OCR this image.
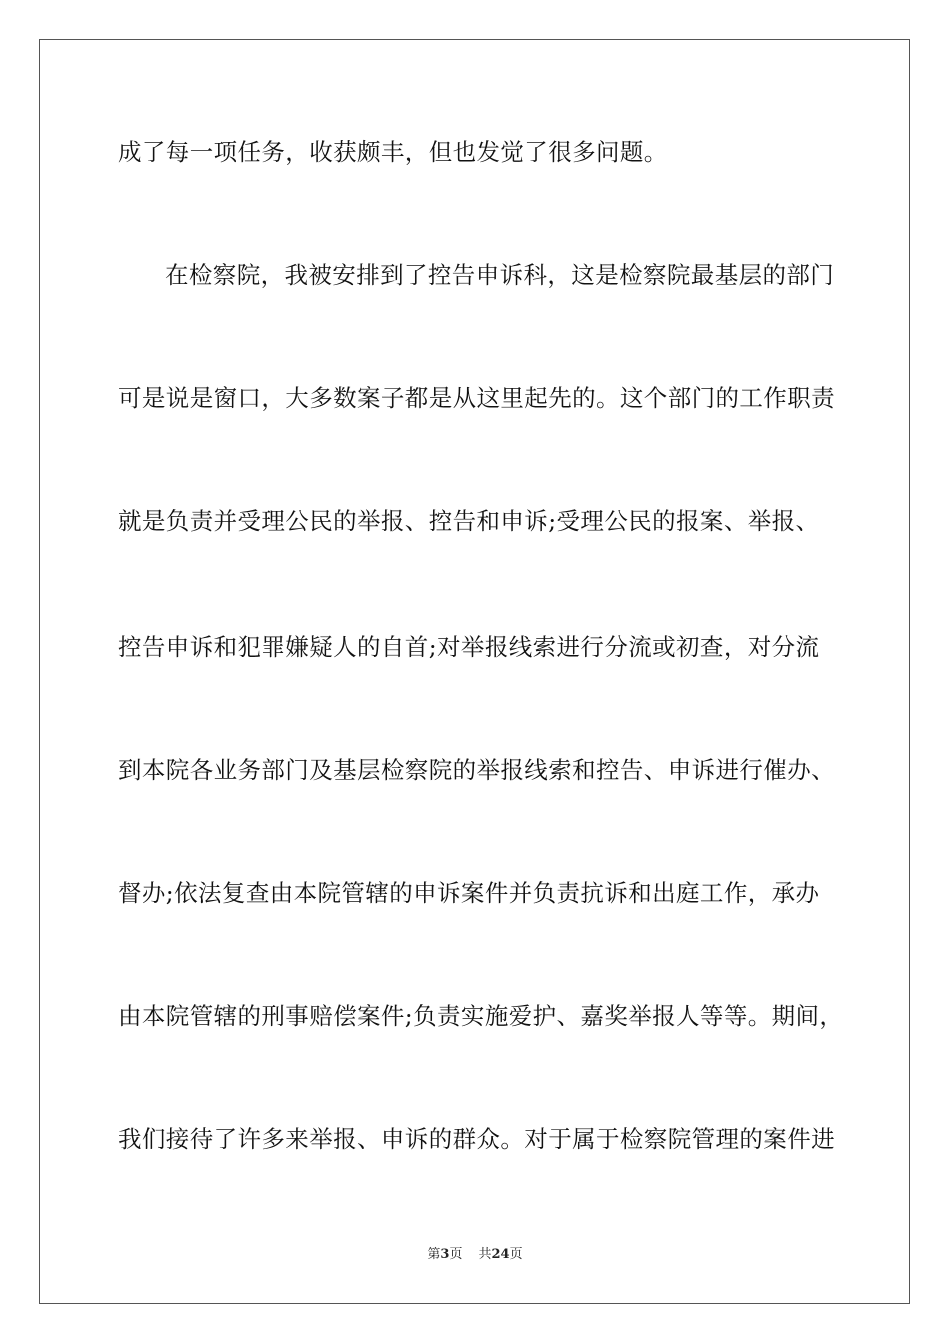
成了每一项任务，收获颇丰，但也发觉了很多问题。
在检察院，我被安排到了控告申诉科，这是检察院最基层的部门
可是说是窗口，大多数案子都是从这里起先的。这个部门的工作职责
就是负责并受理公民的举报、控告和申诉;受理公民的报案、举报、
控告申诉和犯罪嫌疑人的自首;对举报线索进行分流或初查，对分流
到本院各业务部门及基层检察院的举报线索和控告、申诉进行催办、
督办;依法复查由本院管辖的申诉案件并负责抗诉和出庭工作，承办
由本院管辖的刑事赔偿案件;负责实施爱护、嘉奖举报人等等。期间，
我们接待了许多来举报、申诉的群众。对于属于检察院管理的案件进
第3页 共24页
